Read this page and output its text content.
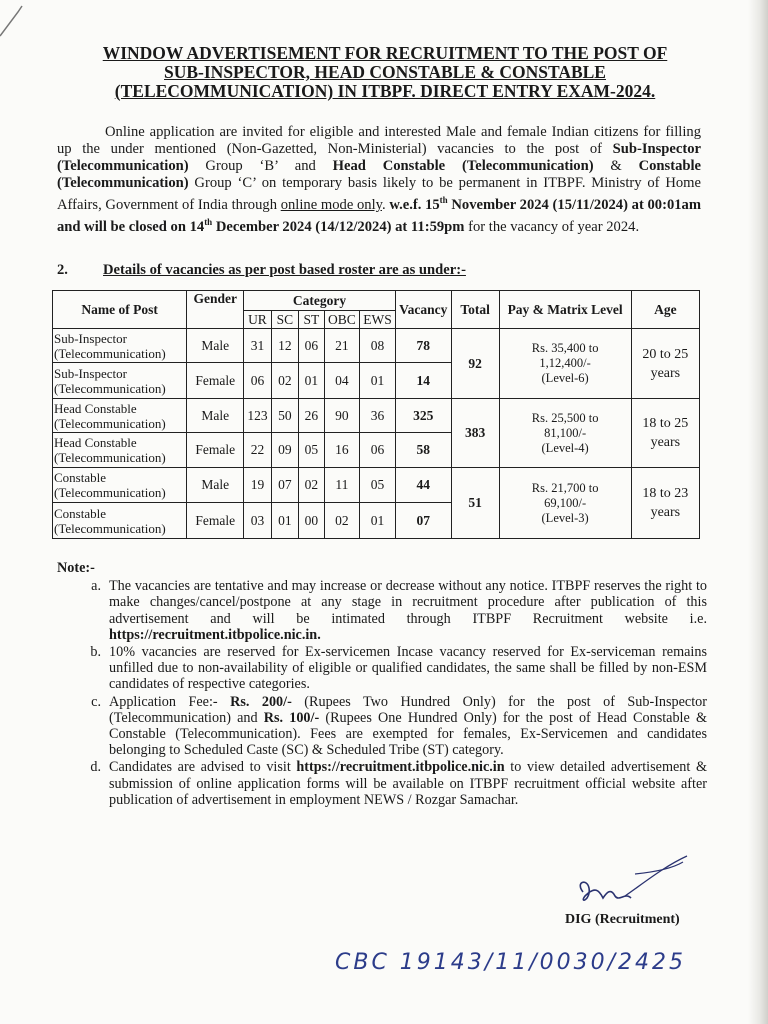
WINDOW ADVERTISEMENT FOR RECRUITMENT TO THE POST OF
SUB-INSPECTOR, HEAD CONSTABLE & CONSTABLE
(TELECOMMUNICATION) IN ITBPF. DIRECT ENTRY EXAM-2024.

Online application are invited for eligible and interested Male and female Indian citizens for filling up the under mentioned (Non-Gazetted, Non-Ministerial) vacancies to the post of Sub-Inspector (Telecommunication) Group ‘B’ and Head Constable (Telecommunication) & Constable (Telecommunication) Group ‘C’ on temporary basis likely to be permanent in ITBPF. Ministry of Home Affairs, Government of India through online mode only. w.e.f. 15th November 2024 (15/11/2024) at 00:01am and will be closed on 14th December 2024 (14/12/2024) at 11:59pm for the vacancy of year 2024.

2. Details of vacancies as per post based roster are as under:-
Name of Post	Gender	Category					Vacancy	Total	Pay & Matrix Level	Age
		UR	SC	ST	OBC	EWS				
Sub-Inspector
(Telecommunication)	Male	31	12	06	21	08	78	92	Rs. 35,400 to
1,12,400/-
(Level-6)	20 to 25
years
Sub-Inspector
(Telecommunication)	Female	06	02	01	04	01	14			
Head Constable
(Telecommunication)	Male	123	50	26	90	36	325	383	Rs. 25,500 to
81,100/-
(Level-4)	18 to 25
years
Head Constable
(Telecommunication)	Female	22	09	05	16	06	58			
Constable
(Telecommunication)	Male	19	07	02	11	05	44	51	Rs. 21,700 to
69,100/-
(Level-3)	18 to 23
years
Constable
(Telecommunication)	Female	03	01	00	02	01	07			
Note:-
a. The vacancies are tentative and may increase or decrease without any notice. ITBPF reserves the right to make changes/cancel/postpone at any stage in recruitment procedure after publication of this advertisement and will be intimated through ITBPF Recruitment website i.e. https://recruitment.itbpolice.nic.in.
b. 10% vacancies are reserved for Ex-servicemen Incase vacancy reserved for Ex-serviceman remains unfilled due to non-availability of eligible or qualified candidates, the same shall be filled by non-ESM candidates of respective categories.
c. Application Fee:- Rs. 200/- (Rupees Two Hundred Only) for the post of Sub-Inspector (Telecommunication) and Rs. 100/- (Rupees One Hundred Only) for the post of Head Constable & Constable (Telecommunication). Fees are exempted for females, Ex-Servicemen and candidates belonging to Scheduled Caste (SC) & Scheduled Tribe (ST) category.
d. Candidates are advised to visit https://recruitment.itbpolice.nic.in to view detailed advertisement & submission of online application forms will be available on ITBPF recruitment official website after publication of advertisement in employment NEWS / Rozgar Samachar.
DIG (Recruitment)
CBC 19143/11/0030/2425
